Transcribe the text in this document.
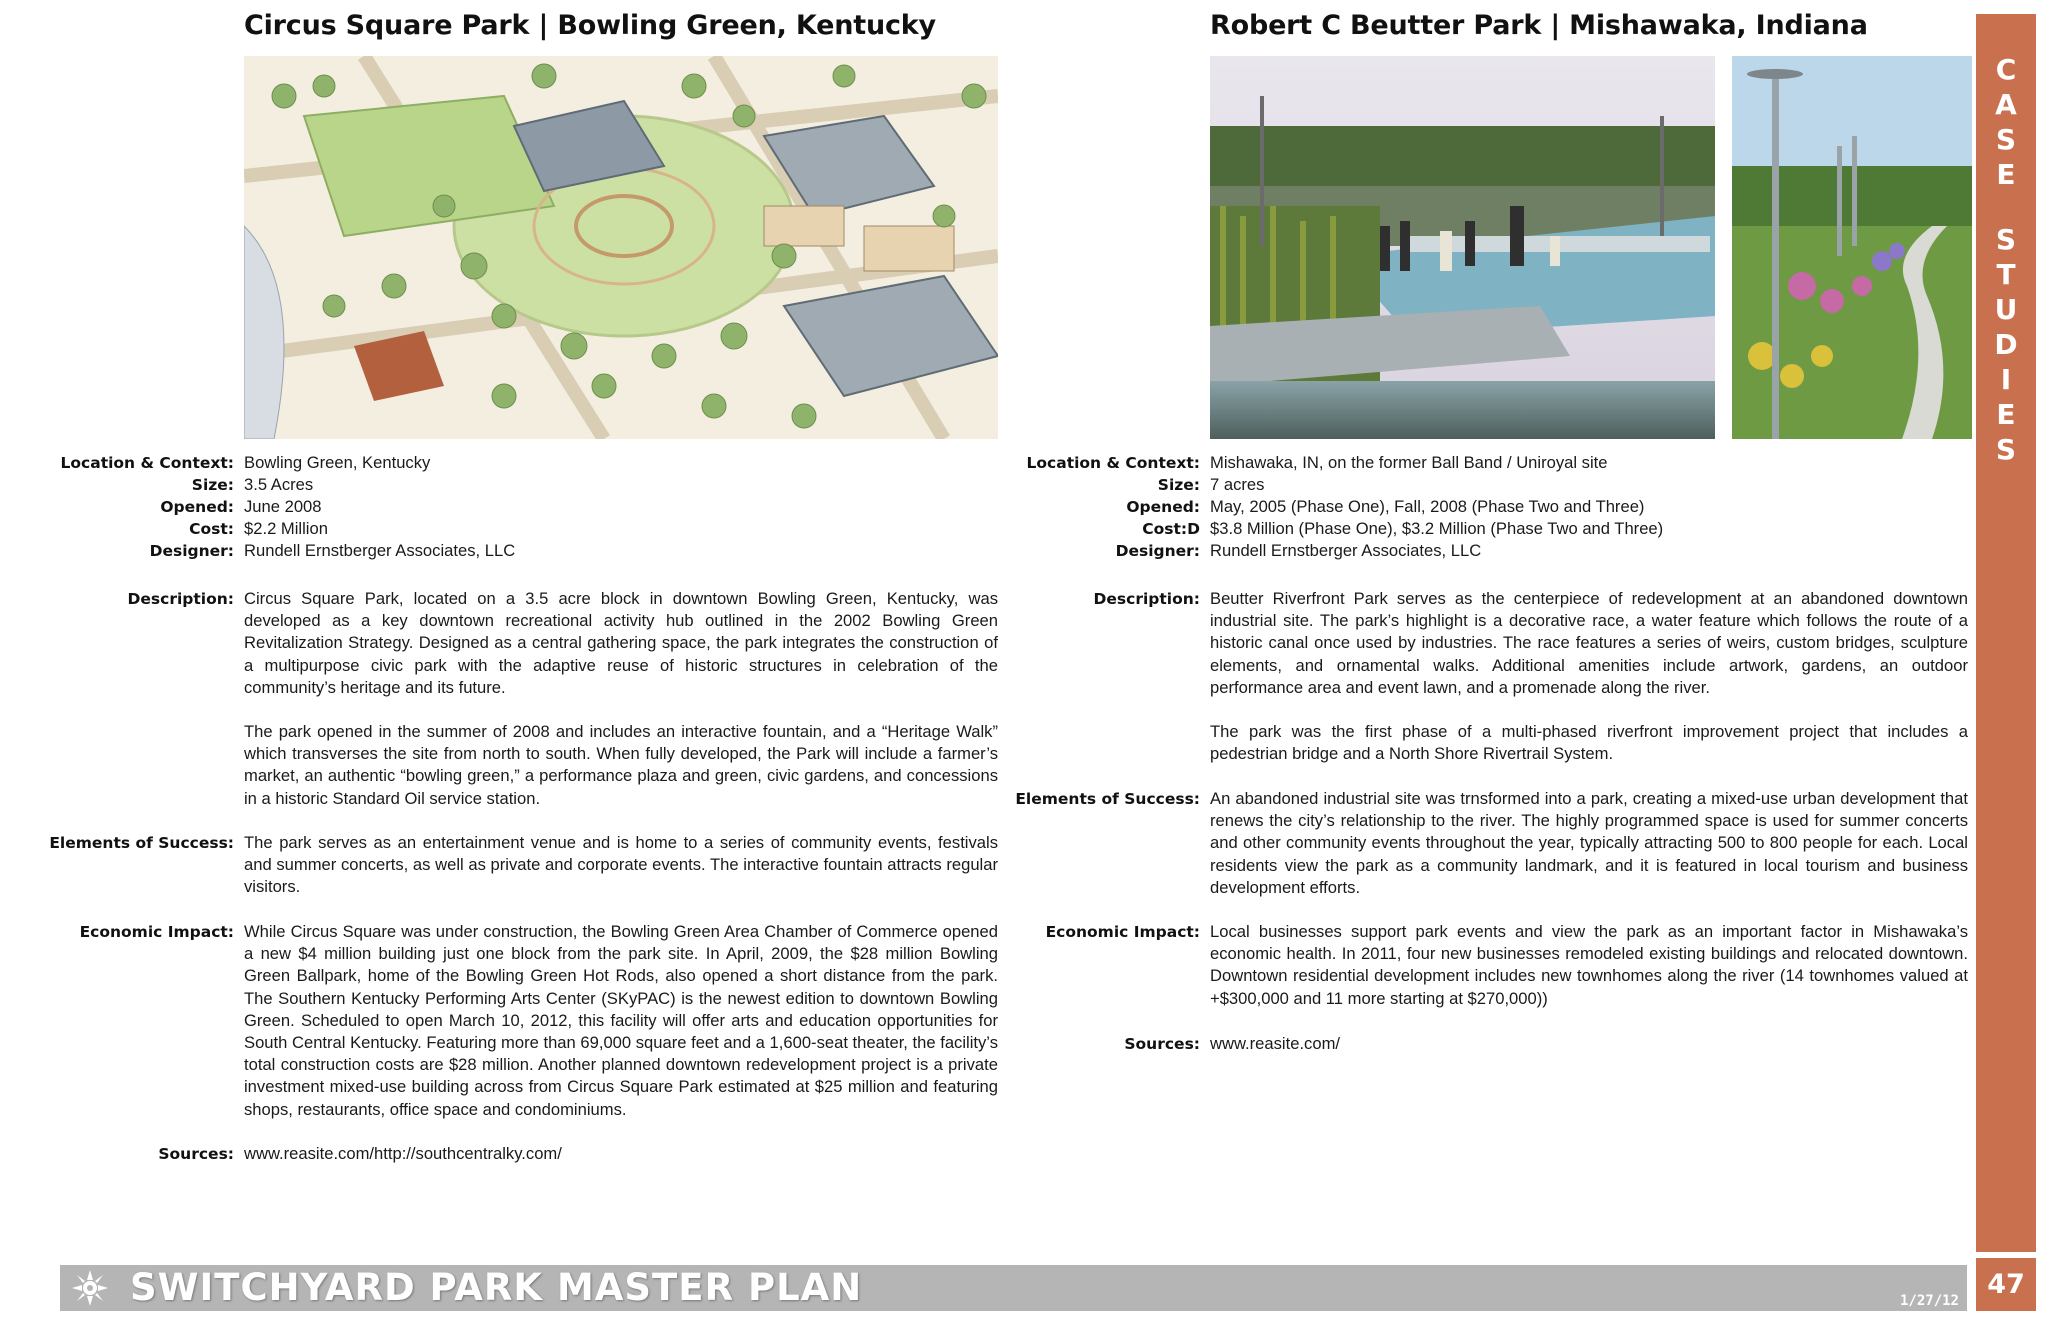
Circus Square Park | Bowling Green, Kentucky
Location & Context: Bowling Green, Kentucky
Size: 3.5 Acres
Opened: June 2008
Cost: $2.2 Million
Designer: Rundell Ernstberger Associates, LLC
Description: Circus Square Park, located on a 3.5 acre block in downtown Bowling Green, Kentucky, was developed as a key downtown recreational activity hub outlined in the 2002 Bowling Green Revitalization Strategy. Designed as a central gathering space, the park integrates the construction of a multipurpose civic park with the adaptive reuse of historic structures in celebration of the community’s heritage and its future.

The park opened in the summer of 2008 and includes an interactive fountain, and a “Heritage Walk” which transverses the site from north to south. When fully developed, the Park will include a farmer’s market, an authentic “bowling green,” a performance plaza and green, civic gardens, and concessions in a historic Standard Oil service station.

Elements of Success: The park serves as an entertainment venue and is home to a series of community events, festivals and summer concerts, as well as private and corporate events. The interactive fountain attracts regular visitors.

Economic Impact: While Circus Square was under construction, the Bowling Green Area Chamber of Commerce opened a new $4 million building just one block from the park site. In April, 2009, the $28 million Bowling Green Ballpark, home of the Bowling Green Hot Rods, also opened a short distance from the park. The Southern Kentucky Performing Arts Center (SKyPAC) is the newest edition to downtown Bowling Green. Scheduled to open March 10, 2012, this facility will offer arts and education opportunities for South Central Kentucky. Featuring more than 69,000 square feet and a 1,600-seat theater, the facility’s total construction costs are $28 million. Another planned downtown redevelopment project is a private investment mixed-use building across from Circus Square Park estimated at $25 million and featuring shops, restaurants, office space and condominiums.

Sources: www.reasite.com/http://southcentralky.com/

Robert C Beutter Park | Mishawaka, Indiana
Location & Context: Mishawaka, IN, on the former Ball Band / Uniroyal site
Size: 7 acres
Opened: May, 2005 (Phase One), Fall, 2008 (Phase Two and Three)
Cost:D $3.8 Million (Phase One), $3.2 Million (Phase Two and Three)
Designer: Rundell Ernstberger Associates, LLC
Description: Beutter Riverfront Park serves as the centerpiece of redevelopment at an abandoned downtown industrial site. The park’s highlight is a decorative race, a water feature which follows the route of a historic canal once used by industries. The race features a series of weirs, custom bridges, sculpture elements, and ornamental walks. Additional amenities include artwork, gardens, an outdoor performance area and event lawn, and a promenade along the river.

The park was the first phase of a multi-phased riverfront improvement project that includes a pedestrian bridge and a North Shore Rivertrail System.

Elements of Success: An abandoned industrial site was trnsformed into a park, creating a mixed-use urban development that renews the city’s relationship to the river. The highly programmed space is used for summer concerts and other community events throughout the year, typically attracting 500 to 800 people for each. Local residents view the park as a community landmark, and it is featured in local tourism and business development efforts.

Economic Impact: Local businesses support park events and view the park as an important factor in Mishawaka’s economic health. In 2011, four new businesses remodeled existing buildings and relocated downtown. Downtown residential development includes new townhomes along the river (14 townhomes valued at +$300,000 and 11 more starting at $270,000))

Sources: www.reasite.com/

C
A
S
E

S
T
U
D
I
E
S
SWITCHYARD PARK MASTER PLAN	1/27/12
47
